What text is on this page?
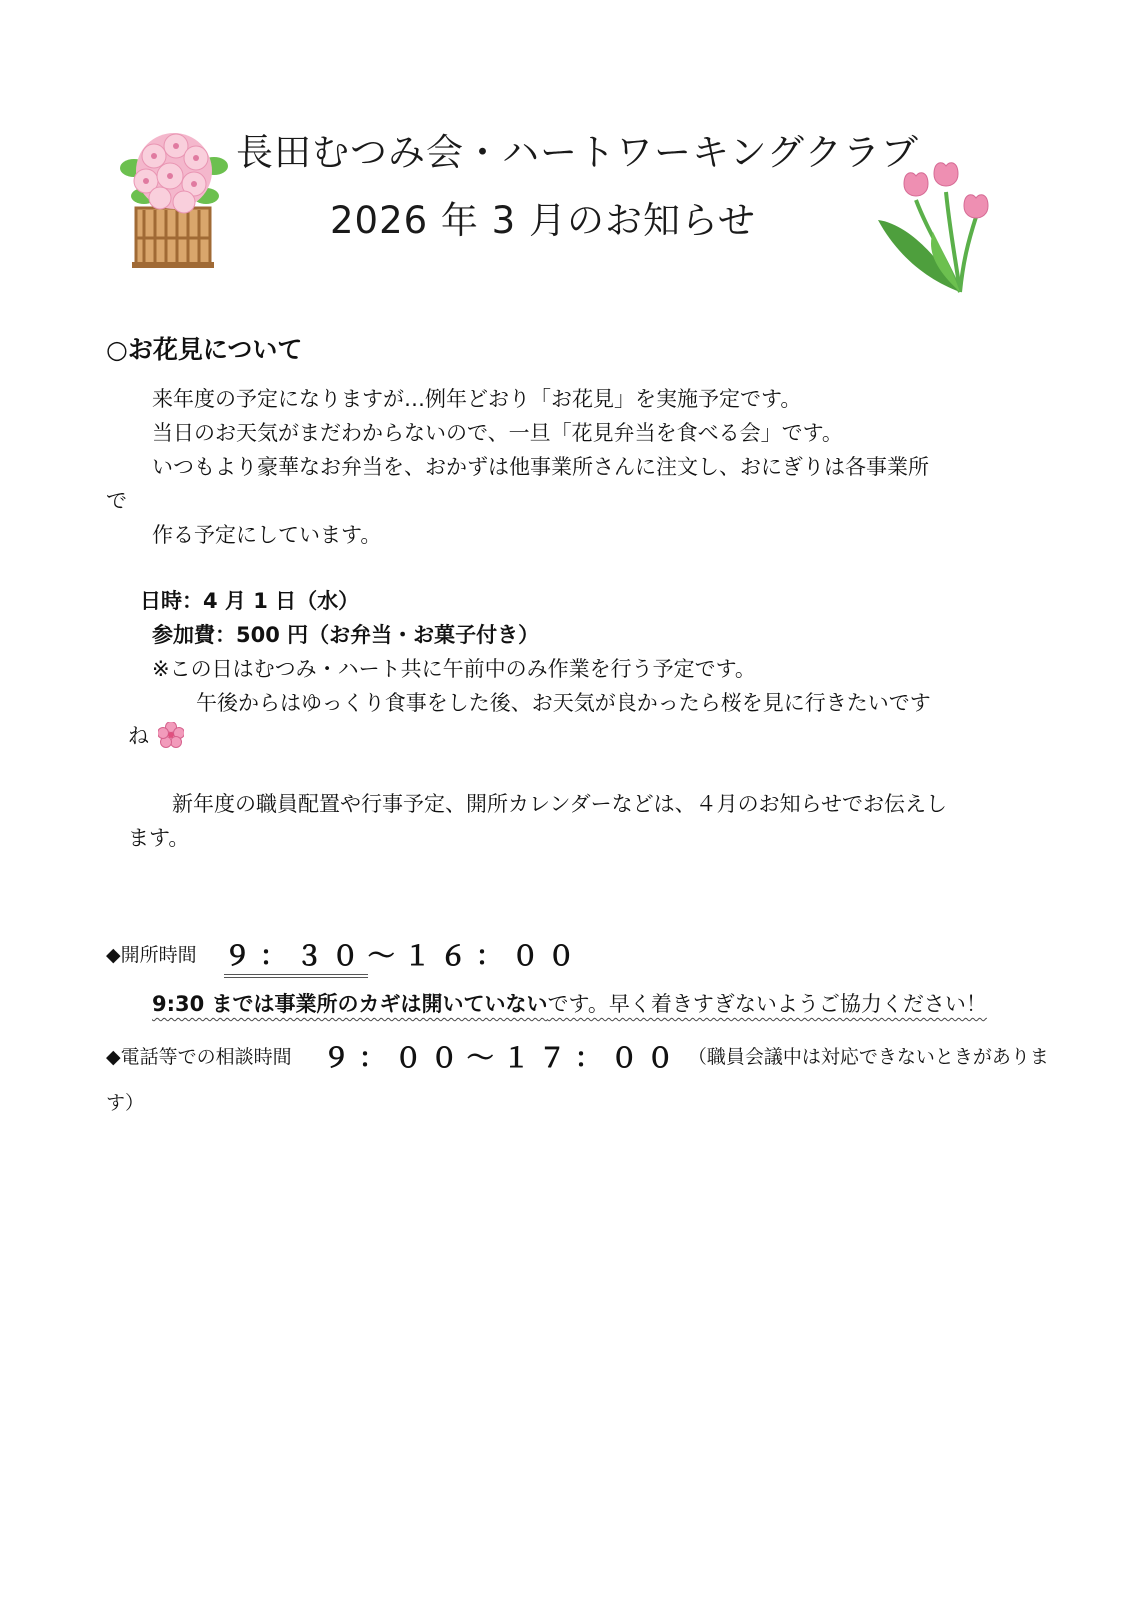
長田むつみ会・ハートワーキングクラブ
2026 年 3 月のお知らせ
○お花見について
来年度の予定になりますが…例年どおり「お花見」を実施予定です。
当日のお天気がまだわからないので、一旦「花見弁当を食べる会」です。
いつもより豪華なお弁当を、おかずは他事業所さんに注文し、おにぎりは各事業所
で
作る予定にしています。
日時：4 月 1 日（水）
参加費：500 円（お弁当・お菓子付き）
※この日はむつみ・ハート共に午前中のみ作業を行う予定です。
午後からはゆっくり食事をした後、お天気が良かったら桜を見に行きたいです
ね
新年度の職員配置や行事予定、開所カレンダーなどは、４月のお知らせでお伝えし
ます。
◆開所時間 ９：３０～１６：００
9:30 までは事業所のカギは開いていないです。早く着きすぎないようご協力ください！
◆電話等での相談時間 ９：００～１７：００ （職員会議中は対応できないときがありま
す）
